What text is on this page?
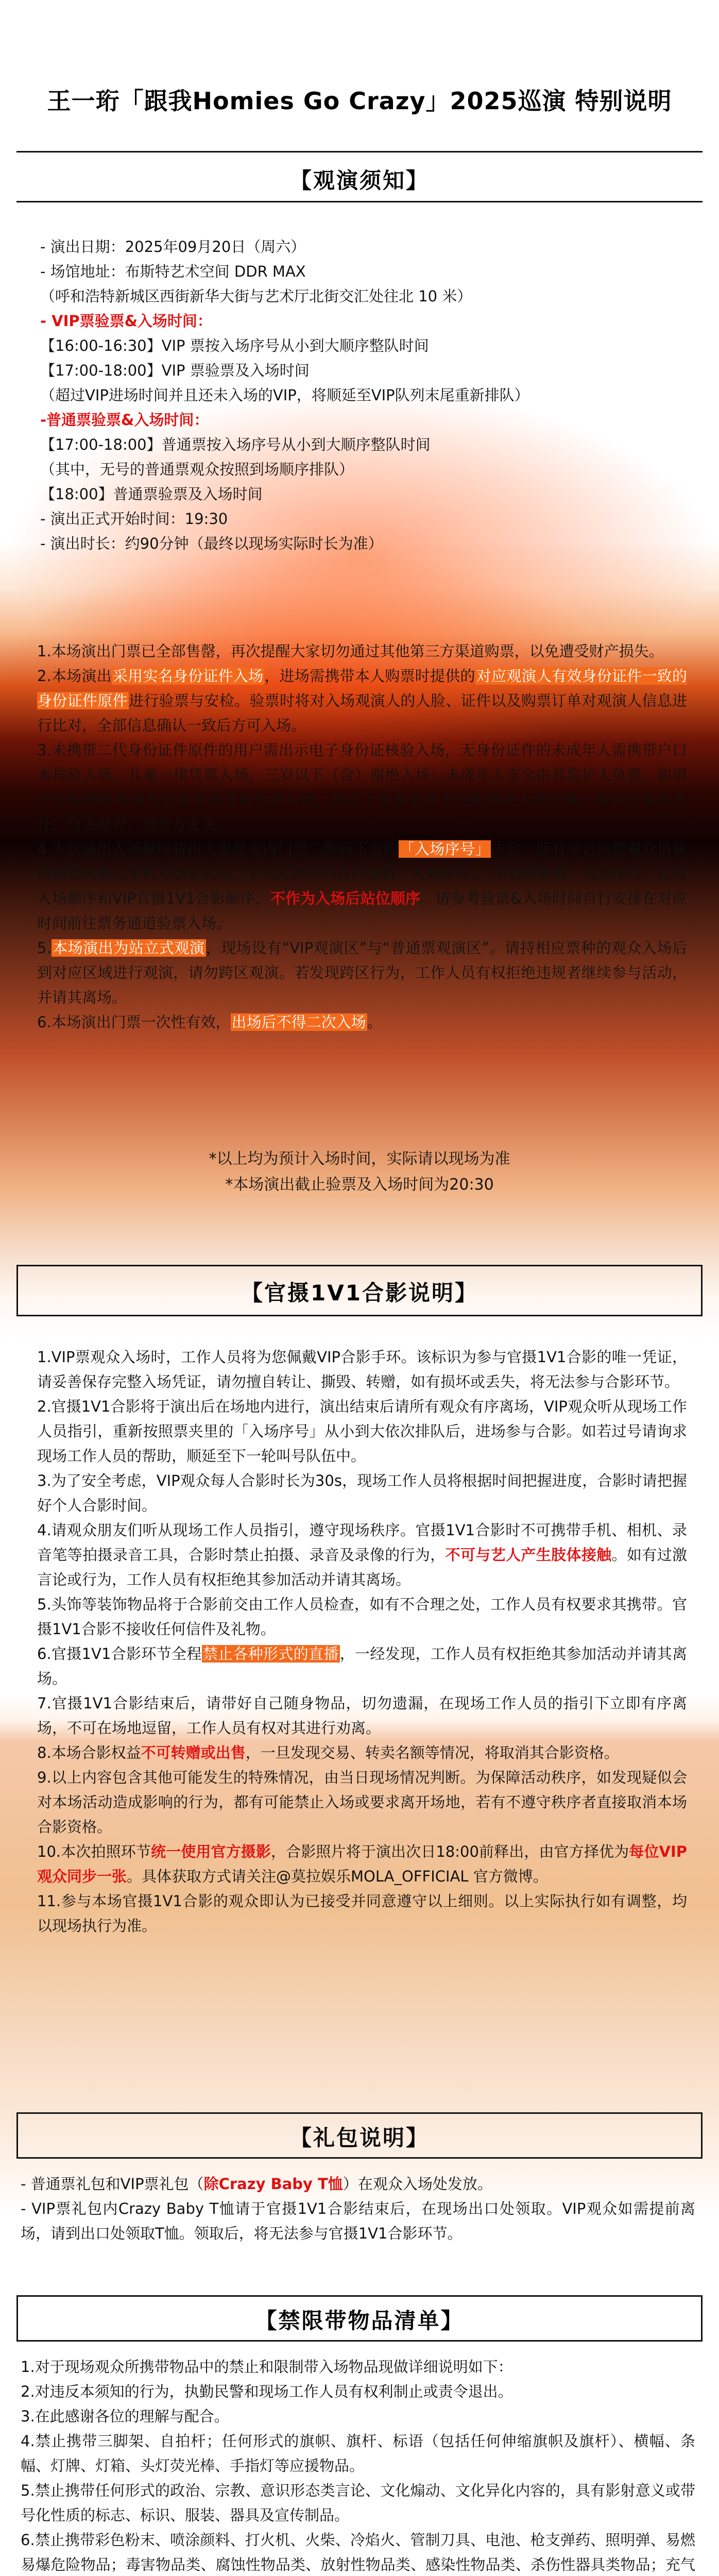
王一珩「跟我Homies Go Crazy」2025巡演 特别说明
【观演须知】
- 演出日期：2025年09月20日（周六）
- 场馆地址：布斯特艺术空间 DDR MAX
（呼和浩特新城区西街新华大街与艺术厅北街交汇处往北 10 米）
- VIP票验票&入场时间：
【16:00-16:30】VIP 票按入场序号从小到大顺序整队时间
【17:00-18:00】VIP 票验票及入场时间
（超过VIP进场时间并且还未入场的VIP，将顺延至VIP队列末尾重新排队）
-普通票验票&入场时间：
【17:00-18:00】普通票按入场序号从小到大顺序整队时间
（其中，无号的普通票观众按照到场顺序排队）
【18:00】普通票验票及入场时间
- 演出正式开始时间：19:30
- 演出时长：约90分钟（最终以现场实际时长为准）

1.本场演出门票已全部售罄，再次提醒大家切勿通过其他第三方渠道购票，以免遭受财产损失。

2.本场演出采用实名身份证件入场，进场需携带本人购票时提供的对应观演人有效身份证件一致的身份证件原件进行验票与安检。验票时将对入场观演人的人脸、证件以及购票订单对观演人信息进行比对，全部信息确认一致后方可入场。

3.未携带二代身份证件原件的用户需出示电子身份证核验入场，无身份证件的未成年人需携带户口本核验入场。儿童一律凭票入场，三岁以下（含）谢绝入场；未成年人安全由其监护人负责。如用户在购票时所填写信息有误导致无法入场，或以上任意信息不匹配造成入场失败，需自行承担责任，与主办方、票务方无关。

4.本次演出入场顺序将由大麦票夹内门票二维码下方的「入场序号」决定，所有平台购票观众请使用购票观演人手机号登录大麦，于大麦票夹内自行查看「入场序号」。所有票种的「入场序号」仅为入场顺序和VIP官摄1V1合影顺序，不作为入场后站位顺序。请参考验票&入场时间自行安排在对应时间前往票务通道验票入场。

5.本场演出为站立式观演，现场设有“VIP观演区”与“普通票观演区”。请持相应票种的观众入场后到对应区域进行观演，请勿跨区观演。若发现跨区行为，工作人员有权拒绝违规者继续参与活动，并请其离场。

6.本场演出门票一次性有效，出场后不得二次入场。

*以上均为预计入场时间，实际请以现场为准
*本场演出截止验票及入场时间为20:30
【官摄1V1合影说明】

1.VIP票观众入场时，工作人员将为您佩戴VIP合影手环。该标识为参与官摄1V1合影的唯一凭证，请妥善保存完整入场凭证，请勿擅自转让、撕毁、转赠，如有损坏或丢失，将无法参与合影环节。

2.官摄1V1合影将于演出后在场地内进行，演出结束后请所有观众有序离场，VIP观众听从现场工作人员指引，重新按照票夹里的「入场序号」从小到大依次排队后，进场参与合影。如若过号请询求现场工作人员的帮助，顺延至下一轮叫号队伍中。

3.为了安全考虑，VIP观众每人合影时长为30s，现场工作人员将根据时间把握进度，合影时请把握好个人合影时间。

4.请观众朋友们听从现场工作人员指引，遵守现场秩序。官摄1V1合影时不可携带手机、相机、录音笔等拍摄录音工具，合影时禁止拍摄、录音及录像的行为，不可与艺人产生肢体接触。如有过激言论或行为，工作人员有权拒绝其参加活动并请其离场。

5.头饰等装饰物品将于合影前交由工作人员检查，如有不合理之处，工作人员有权要求其携带。官摄1V1合影不接收任何信件及礼物。

6.官摄1V1合影环节全程禁止各种形式的直播，一经发现，工作人员有权拒绝其参加活动并请其离场。

7.官摄1V1合影结束后，请带好自己随身物品，切勿遗漏，在现场工作人员的指引下立即有序离场，不可在场地逗留，工作人员有权对其进行劝离。

8.本场合影权益不可转赠或出售，一旦发现交易、转卖名额等情况，将取消其合影资格。

9.以上内容包含其他可能发生的特殊情况，由当日现场情况判断。为保障活动秩序，如发现疑似会对本场活动造成影响的行为，都有可能禁止入场或要求离开场地，若有不遵守秩序者直接取消本场合影资格。

10.本次拍照环节统一使用官方摄影，合影照片将于演出次日18:00前释出，由官方择优为每位VIP观众同步一张。具体获取方式请关注@莫拉娱乐MOLA_OFFICIAL 官方微博。

11.参与本场官摄1V1合影的观众即认为已接受并同意遵守以上细则。以上实际执行如有调整，均以现场执行为准。

【礼包说明】

- 普通票礼包和VIP票礼包（除Crazy Baby T恤）在观众入场处发放。

- VIP票礼包内Crazy Baby T恤请于官摄1V1合影结束后，在现场出口处领取。VIP观众如需提前离场，请到出口处领取T恤。领取后，将无法参与官摄1V1合影环节。

【禁限带物品清单】

1.对于现场观众所携带物品中的禁止和限制带入场物品现做详细说明如下：

2.对违反本须知的行为，执勤民警和现场工作人员有权利制止或责令退出。

3.在此感谢各位的理解与配合。

4.禁止携带三脚架、自拍杆；任何形式的旗帜、旗杆、标语（包括任何伸缩旗帜及旗杆）、横幅、条幅、灯牌、灯箱、头灯荧光棒、手指灯等应援物品。

5.禁止携带任何形式的政治、宗教、意识形态类言论、文化煽动、文化异化内容的，具有影射意义或带号化性质的标志、标识、服装、器具及宣传制品。

6.禁止携带彩色粉末、喷涂颜料、打火机、火柴、冷焰火、管制刀具、电池、枪支弹药、照明弹、易燃易爆危险物品；毒害物品类、腐蚀性物品类、放射性物品类、感染性物品类、杀伤性器具类物品；充气
